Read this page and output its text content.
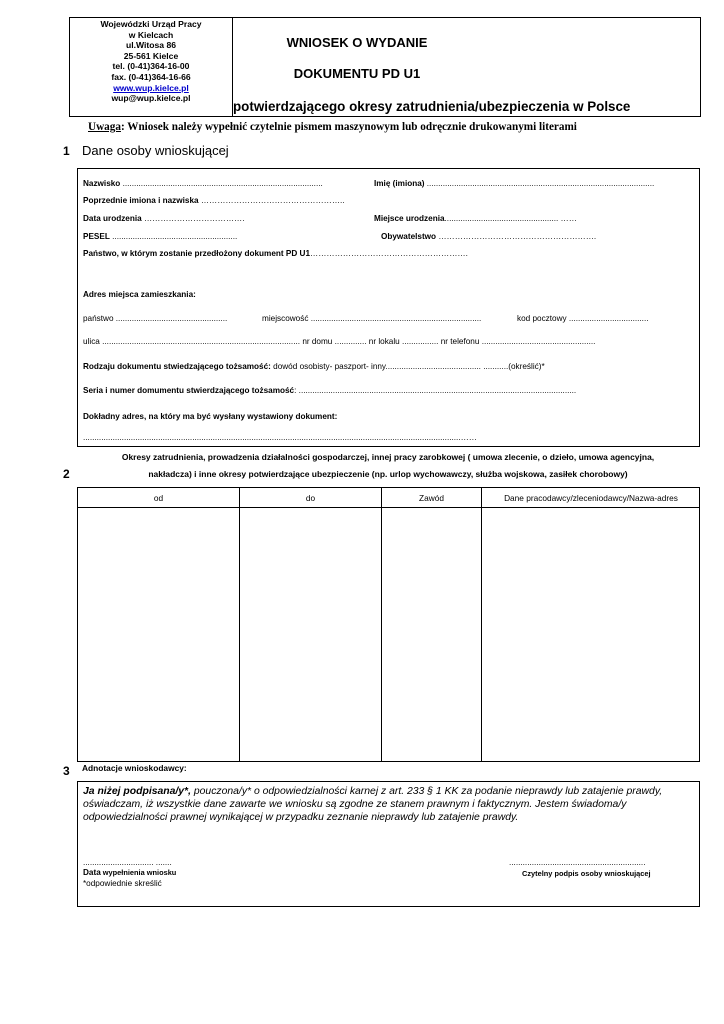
Wojewódzki Urząd Pracy
w Kielcach
ul.Witosa 86
25-561 Kielce
tel. (0-41)364-16-00
fax. (0-41)364-16-66
www.wup.kielce.pl
wup@wup.kielce.pl
WNIOSEK O WYDANIE
DOKUMENTU PD U1
potwierdzającego okresy zatrudnienia/ubezpieczenia w Polsce
Uwaga: Wniosek należy wypełnić czytelnie pismem maszynowym lub odręcznie drukowanymi literami
1 Dane osoby wnioskującej
Nazwisko ........................................................................................	Imię (imiona) ....................................................................................................
Poprzednie imiona i nazwiska ……………………………………………..
Data urodzenia ……………………………….	Miejsce urodzenia.................................................. ……
PESEL .......................................................	Obywatelstwo ………………………………………………….
Państwo, w którym zostanie przedłożony dokument PD U1………………………………………………….
Adres miejsca zamieszkania:
państwo .................................................	miejscowość ...........................................................................	kod pocztowy ...................................
ulica ....................................................................................... nr domu .............. nr lokalu ................ nr telefonu ..................................................
Rodzaju dokumentu stwiedzającego tożsamość: dowód osobisty- paszport- inny.......................................... ...........(określić)*
Seria i numer domumentu stwierdzającego tożsamość: ..........................................................................................................................
Dokładny adres, na który ma być wysłany wystawiony dokument:
......................................................................................................................................................................……
Okresy zatrudnienia, prowadzenia działalności gospodarczej, innej pracy zarobkowej ( umowa zlecenie, o dzieło, umowa agencyjna,
nakładcza) i inne okresy potwierdzające ubezpieczenie (np. urlop wychowawczy, służba wojskowa, zasiłek chorobowy)
2
od	do	Zawód	Dane pracodawcy/zleceniodawcy/Nazwa-adres
3 Adnotacje wnioskodawcy:
Ja niżej podpisana/y*, pouczona/y* o odpowiedzialności karnej z art. 233 § 1 KK za podanie nieprawdy lub zatajenie prawdy, oświadczam, iż wszystkie dane zawarte we wniosku są zgodne ze stanem prawnym i faktycznym. Jestem świadoma/y odpowiedzialności prawnej wynikającej w przypadku zeznanie nieprawdy lub zatajenie prawdy.
............................... .......
Data wypełnienia wniosku
*odpowiednie skreślić
............................................................
Czytelny podpis osoby wnioskującej
